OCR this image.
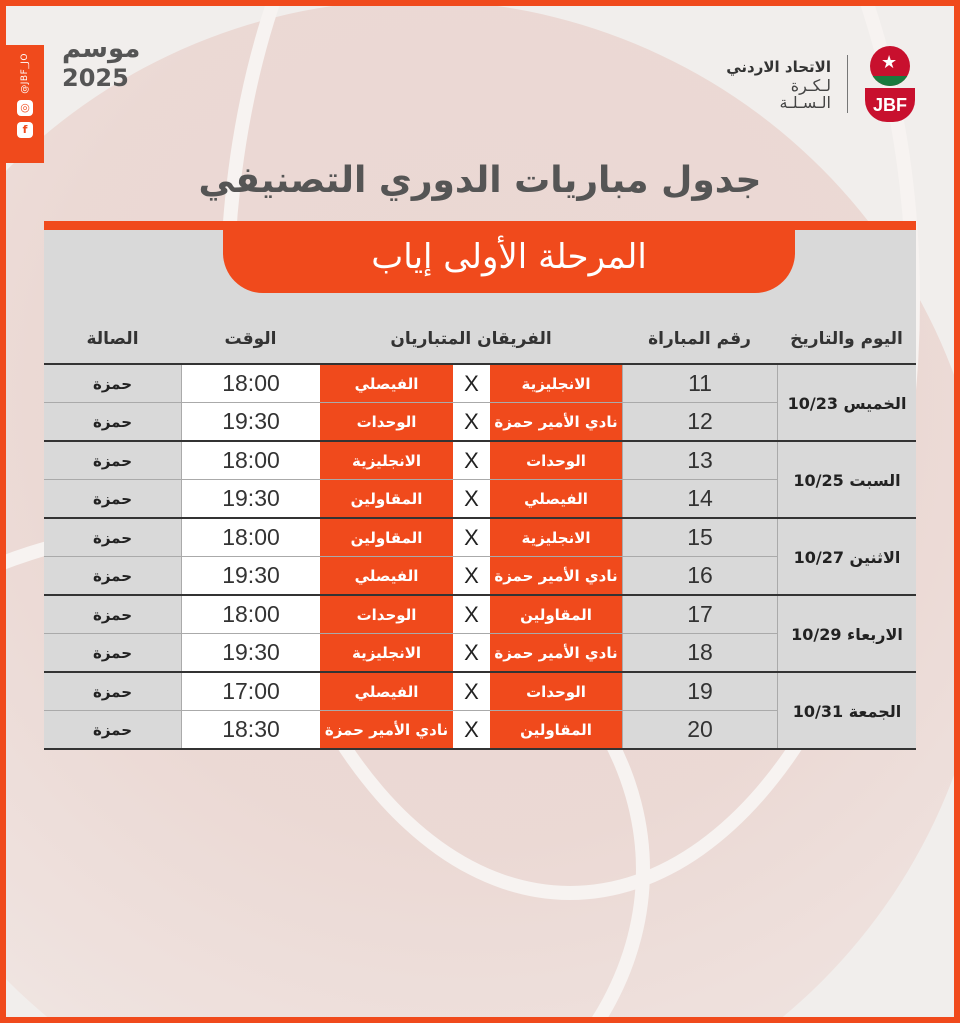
@JBF_JO
◎
f
موسم
2025	الاتحاد الاردني
لـكـرة
الـسـلـة
★
JBF
جدول مباريات الدوري التصنيفي
المرحلة الأولى إياب
الصالة	الوقت	الفريقان المتباريان	رقم المباراة	اليوم والتاريخ
الخميس 10/23
حمزة	18:00	الفيصلي	X	الانجليزية	11
حمزة	19:30	الوحدات	X	نادي الأمير حمزة	12
السبت 10/25
حمزة	18:00	الانجليزية	X	الوحدات	13
حمزة	19:30	المقاولين	X	الفيصلي	14
الاثنين 10/27
حمزة	18:00	المقاولين	X	الانجليزية	15
حمزة	19:30	الفيصلي	X	نادي الأمير حمزة	16
الاربعاء 10/29
حمزة	18:00	الوحدات	X	المقاولين	17
حمزة	19:30	الانجليزية	X	نادي الأمير حمزة	18
الجمعة 10/31
حمزة	17:00	الفيصلي	X	الوحدات	19
حمزة	18:30	نادي الأمير حمزة X	المقاولين	20
